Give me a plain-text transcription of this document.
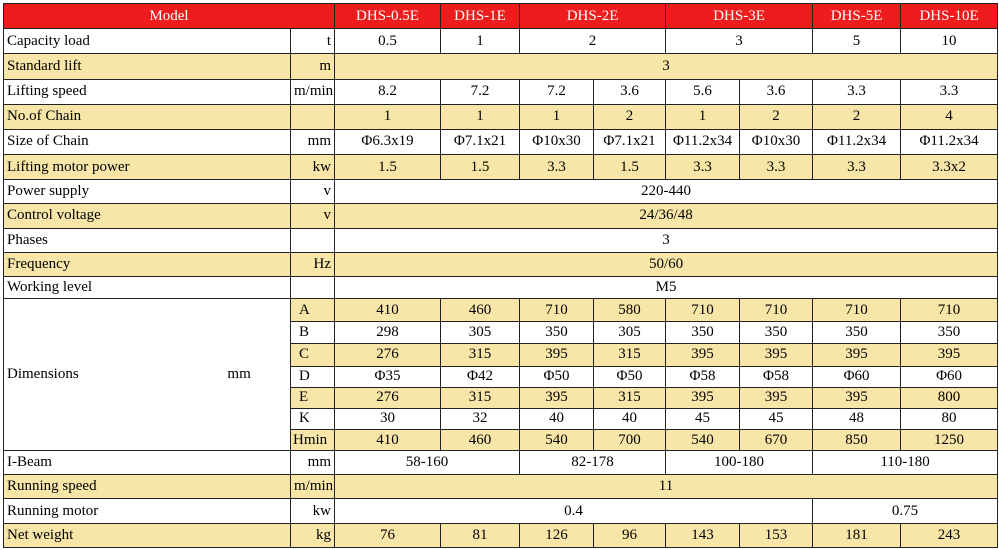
Model		DHS-0.5E	DHS-1E	DHS-2E		DHS-3E		DHS-5E	DHS-10E
Capacity load	t	0.5	1	2		3		5	10
Standard lift	m	3							
Lifting speed	m/min	8.2	7.2	7.2	3.6	5.6	3.6	3.3	3.3
No.of Chain		1	1	1	2	1	2	2	4
Size of Chain	mm	Φ6.3x19	Φ7.1x21	Φ10x30	Φ7.1x21	Φ11.2x34	Φ10x30	Φ11.2x34	Φ11.2x34
Lifting motor power	kw	1.5	1.5	3.3	1.5	3.3	3.3	3.3	3.3x2
Power supply	v	220-440							
Control voltage	v	24/36/48							
Phases		3							
Frequency	Hz	50/60							
Working level		M5							
Dimensions mm	A	410	460	710	580	710	710	710	710
	B	298	305	350	305	350	350	350	350
	C	276	315	395	315	395	395	395	395
	D	Φ35	Φ42	Φ50	Φ50	Φ58	Φ58	Φ60	Φ60
	E	276	315	395	315	395	395	395	800
	K	30	32	40	40	45	45	48	80
	Hmin	410	460	540	700	540	670	850	1250
I-Beam	mm	58-160		82-178		100-180		110-180	
Running speed	m/min	11							
Running motor	kw	0.4						0.75	
Net weight	kg	76	81	126	96	143	153	181	243
